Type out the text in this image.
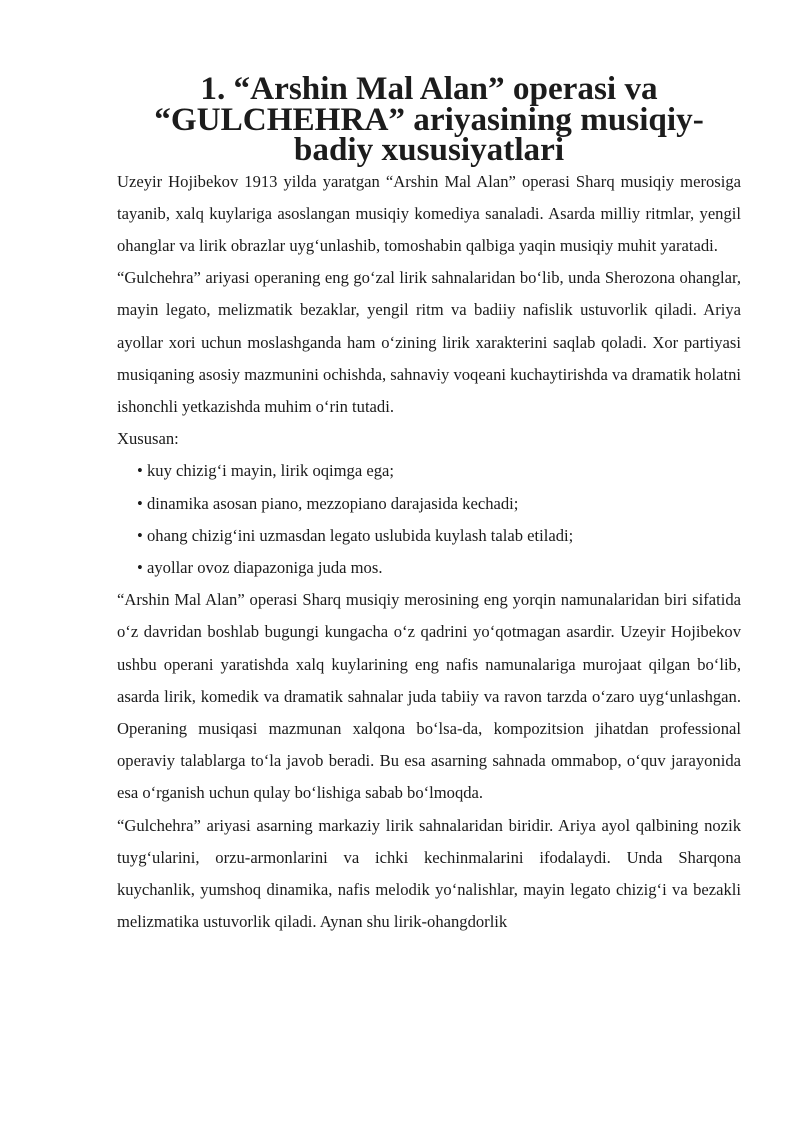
1. “Arshin Mal Alan” operasi va “GULCHEHRA” ariyasining musiqiy-badiy xususiyatlari

Uzeyir Hojibekov 1913 yilda yaratgan “Arshin Mal Alan” operasi Sharq musiqiy merosiga tayanib, xalq kuylariga asoslangan musiqiy komediya sanaladi. Asarda milliy ritmlar, yengil ohanglar va lirik obrazlar uyg‘unlashib, tomoshabin qalbiga yaqin musiqiy muhit yaratadi.

“Gulchehra” ariyasi operaning eng go‘zal lirik sahnalaridan bo‘lib, unda Sherozona ohanglar, mayin legato, melizmatik bezaklar, yengil ritm va badiiy nafislik ustuvorlik qiladi. Ariya ayollar xori uchun moslashganda ham o‘zining lirik xarakterini saqlab qoladi. Xor partiyasi musiqaning asosiy mazmunini ochishda, sahnaviy voqeani kuchaytirishda va dramatik holatni ishonchli yetkazishda muhim o‘rin tutadi.

Xususan:

• kuy chizig‘i mayin, lirik oqimga ega;
• dinamika asosan piano, mezzopiano darajasida kechadi;
• ohang chizig‘ini uzmasdan legato uslubida kuylash talab etiladi;
• ayollar ovoz diapazoniga juda mos.

“Arshin Mal Alan” operasi Sharq musiqiy merosining eng yorqin namunalaridan biri sifatida o‘z davridan boshlab bugungi kungacha o‘z qadrini yo‘qotmagan asardir. Uzeyir Hojibekov ushbu operani yaratishda xalq kuylarining eng nafis namunalariga murojaat qilgan bo‘lib, asarda lirik, komedik va dramatik sahnalar juda tabiiy va ravon tarzda o‘zaro uyg‘unlashgan. Operaning musiqasi mazmunan xalqona bo‘lsa-da, kompozitsion jihatdan professional operaviy talablarga to‘la javob beradi. Bu esa asarning sahnada ommabop, o‘quv jarayonida esa o‘rganish uchun qulay bo‘lishiga sabab bo‘lmoqda.

“Gulchehra” ariyasi asarning markaziy lirik sahnalaridan biridir. Ariya ayol qalbining nozik tuyg‘ularini, orzu-armonlarini va ichki kechinmalarini ifodalaydi. Unda Sharqona kuychanlik, yumshoq dinamika, nafis melodik yo‘nalishlar, mayin legato chizig‘i va bezakli melizmatika ustuvorlik qiladi. Aynan shu lirik-ohangdorlik
